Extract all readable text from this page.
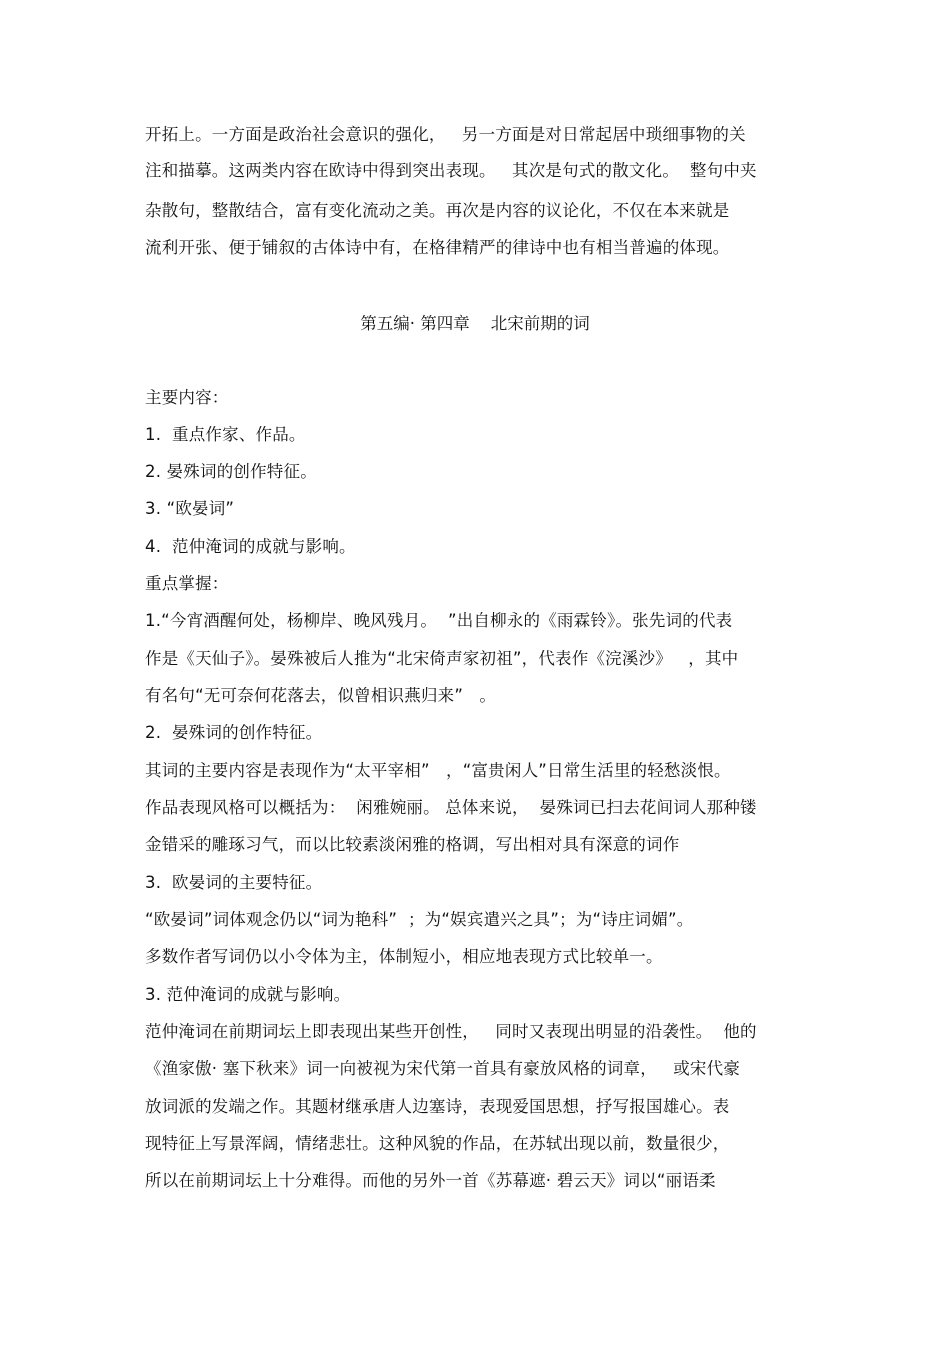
开拓上。一方面是政治社会意识的强化，   另一方面是对日常起居中琐细事物的关
注和描摹。这两类内容在欧诗中得到突出表现。   其次是句式的散文化。  整句中夹
杂散句，整散结合，富有变化流动之美。再次是内容的议论化，不仅在本来就是
流利开张、便于铺叙的古体诗中有，在格律精严的律诗中也有相当普遍的体现。
第五编· 第四章    北宋前期的词
主要内容：
1.  重点作家、作品。
2. 晏殊词的创作特征。
3. “欧晏词”
4.  范仲淹词的成就与影响。
重点掌握：
1.“今宵酒醒何处，杨柳岸、晚风残月。  ”出自柳永的《雨霖铃》。张先词的代表
作是《天仙子》。晏殊被后人推为“北宋倚声家初祖”，代表作《浣溪沙》   ，其中
有名句“无可奈何花落去，似曾相识燕归来”   。
2.  晏殊词的创作特征。
其词的主要内容是表现作为“太平宰相”   ，“富贵闲人”日常生活里的轻愁淡恨。
作品表现风格可以概括为：  闲雅婉丽。 总体来说，  晏殊词已扫去花间词人那种镂
金错采的雕琢习气，而以比较素淡闲雅的格调，写出相对具有深意的词作
3.  欧晏词的主要特征。
“欧晏词”词体观念仍以“词为艳科”  ；为“娱宾遣兴之具”；为“诗庄词媚”。
多数作者写词仍以小令体为主，体制短小，相应地表现方式比较单一。
3. 范仲淹词的成就与影响。
范仲淹词在前期词坛上即表现出某些开创性，   同时又表现出明显的沿袭性。  他的
《渔家傲· 塞下秋来》词一向被视为宋代第一首具有豪放风格的词章，   或宋代豪
放词派的发端之作。其题材继承唐人边塞诗，表现爱国思想，抒写报国雄心。表
现特征上写景浑阔，情绪悲壮。这种风貌的作品，在苏轼出现以前，数量很少，
所以在前期词坛上十分难得。而他的另外一首《苏幕遮· 碧云天》词以“丽语柔
